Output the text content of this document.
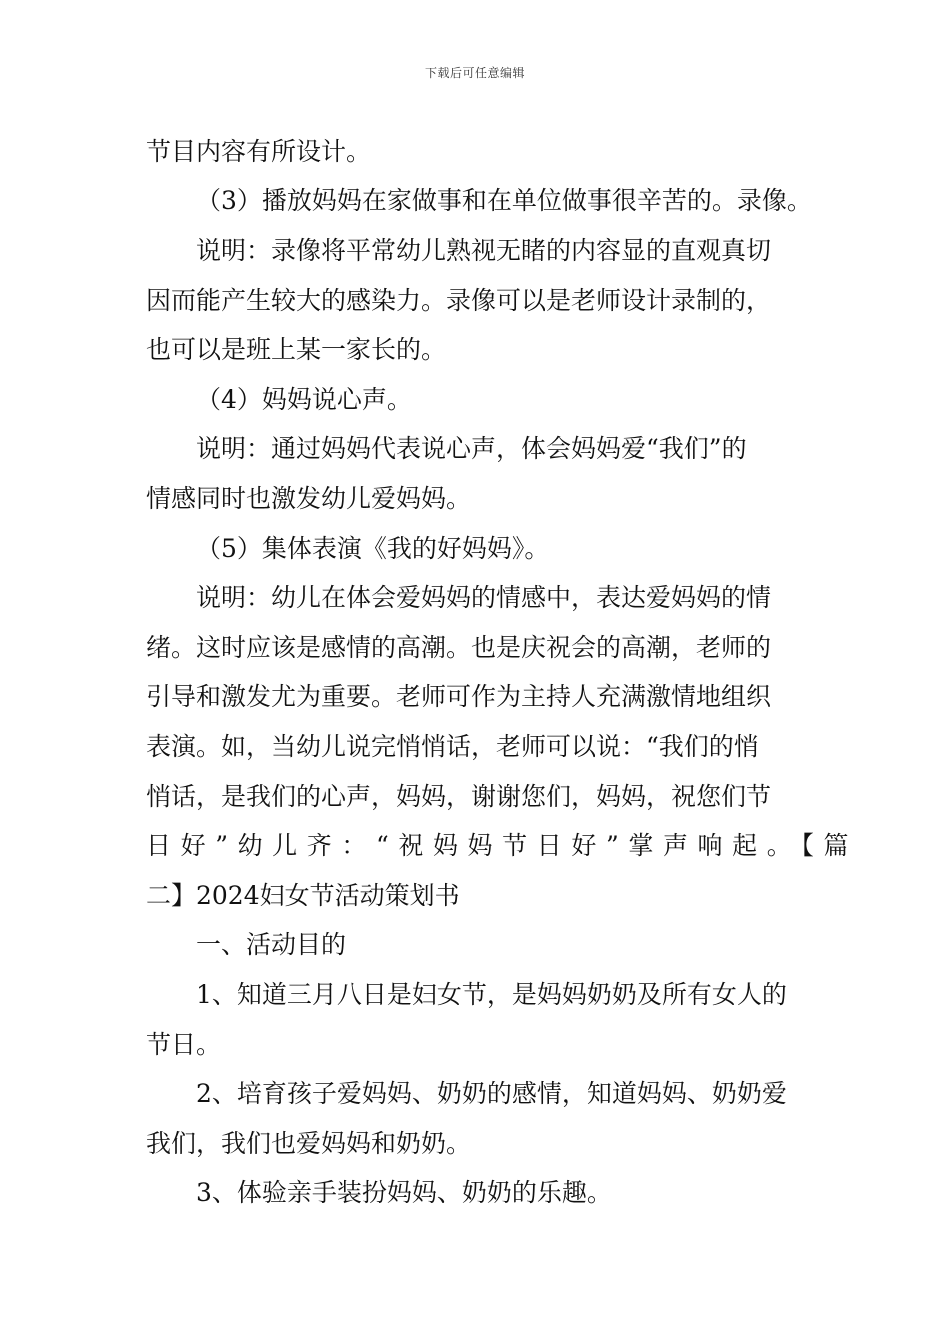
下载后可任意编辑
节目内容有所设计。
（3）播放妈妈在家做事和在单位做事很辛苦的。录像。
说明：录像将平常幼儿熟视无睹的内容显的直观真切
因而能产生较大的感染力。录像可以是老师设计录制的，
也可以是班上某一家长的。
（4）妈妈说心声。
说明：通过妈妈代表说心声，体会妈妈爱“我们”的
情感同时也激发幼儿爱妈妈。
（5）集体表演《我的好妈妈》。
说明：幼儿在体会爱妈妈的情感中，表达爱妈妈的情
绪。这时应该是感情的高潮。也是庆祝会的高潮，老师的
引导和激发尤为重要。老师可作为主持人充满激情地组织
表演。如，当幼儿说完悄悄话，老师可以说：“我们的悄
悄话，是我们的心声，妈妈，谢谢您们，妈妈，祝您们节
日好”幼儿齐：“祝妈妈节日好”掌声响起。【篇
二】2024妇女节活动策划书
一、活动目的
1、知道三月八日是妇女节，是妈妈奶奶及所有女人的
节日。
2、培育孩子爱妈妈、奶奶的感情，知道妈妈、奶奶爱
我们，我们也爱妈妈和奶奶。
3、体验亲手装扮妈妈、奶奶的乐趣。
